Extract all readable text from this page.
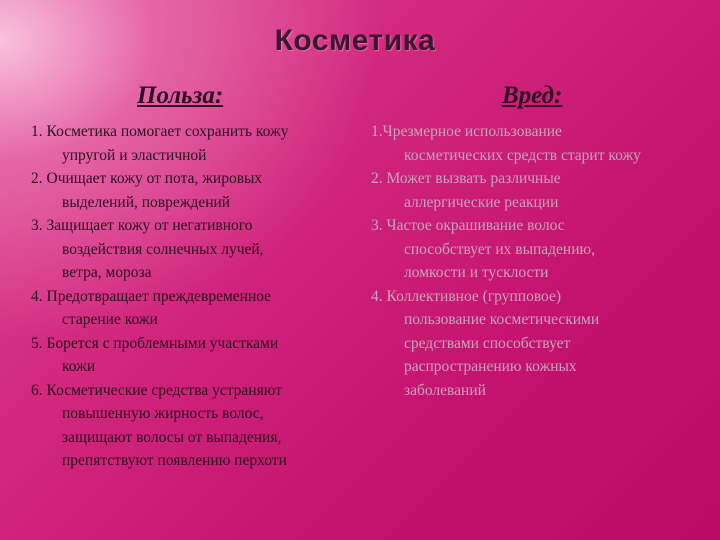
Косметика
Польза:	Вред:
1. Косметика помогает сохранить кожу
упругой и эластичной
2. Очищает кожу от пота, жировых
выделений, повреждений
3. Защищает кожу от негативного
воздействия солнечных лучей,
ветра, мороза
4. Предотвращает преждевременное
старение кожи
5. Борется с проблемными участками
кожи
6. Косметические средства устраняют
повышенную жирность волос,
защищают волосы от выпадения,
препятствуют появлению перхоти
1.Чрезмерное использование
косметических средств старит кожу
2. Может вызвать различные
аллергические реакции
3. Частое окрашивание волос
способствует их выпадению,
ломкости и тусклости
4. Коллективное (групповое)
пользование косметическими
средствами способствует
распространению кожных
заболеваний
